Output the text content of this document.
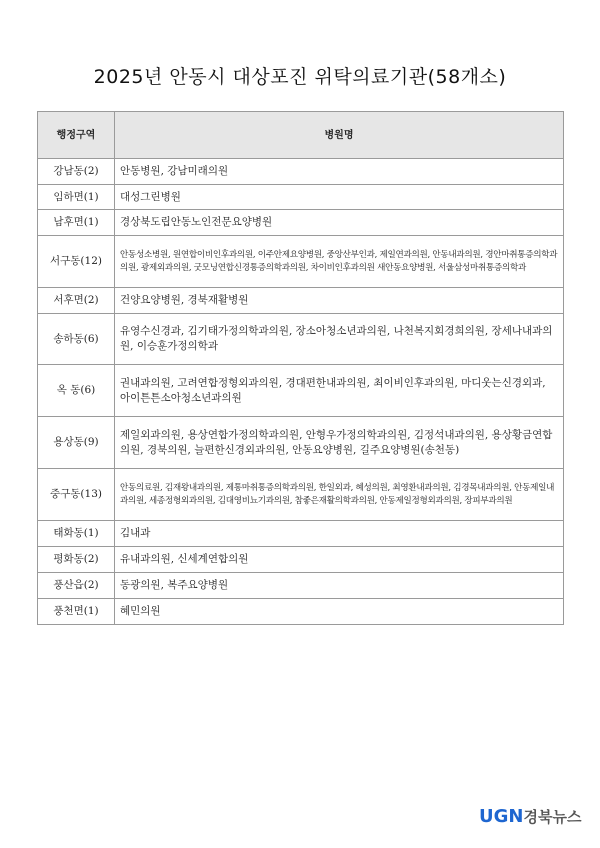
2025년 안동시 대상포진 위탁의료기관(58개소)
행정구역	병원명
강남동(2)	안동병원, 강남미래의원
임하면(1)	대성그린병원
남후면(1)	경상북도립안동노인전문요양병원
서구동(12)	안동성소병원, 원연합이비인후과의원, 이주안제요양병원, 중앙산부인과, 제일연과의원, 안동내과의원, 경안마취통증의학과의원, 광제외과의원, 굿모닝연합신경통증의학과의원, 차이비인후과의원 새안동요양병원, 서울삼성마취통증의학과
서후면(2)	건양요양병원, 경북재활병원
송하동(6)	유영수신경과, 김기태가정의학과의원, 장소아청소년과의원, 나천복지회경희의원, 장세나내과의원, 이승훈가정의학과
옥 동(6)	권내과의원, 고려연합정형외과의원, 경대편한내과의원, 최이비인후과의원, 마디웃는신경외과, 아이튼튼소아청소년과의원
용상동(9)	제일외과의원, 용상연합가정의학과의원, 안형우가정의학과의원, 김정석내과의원, 용상황금연합의원, 경북의원, 늘편한신경외과의원, 안동요양병원, 길주요양병원(송천동)
중구동(13)	안동의료원, 김재왕내과의원, 제통마취통증의학과의원, 한일외과, 혜성의원, 최영환내과의원, 김경목내과의원, 안동제일내과의원, 세종정형외과의원, 김대영비뇨기과의원, 참좋은재활의학과의원, 안동제일정형외과의원, 장피부과의원
태화동(1)	김내과
평화동(2)	유내과의원, 신세계연합의원
풍산읍(2)	동광의원, 복주요양병원
풍천면(1)	혜민의원
UGN경북뉴스
